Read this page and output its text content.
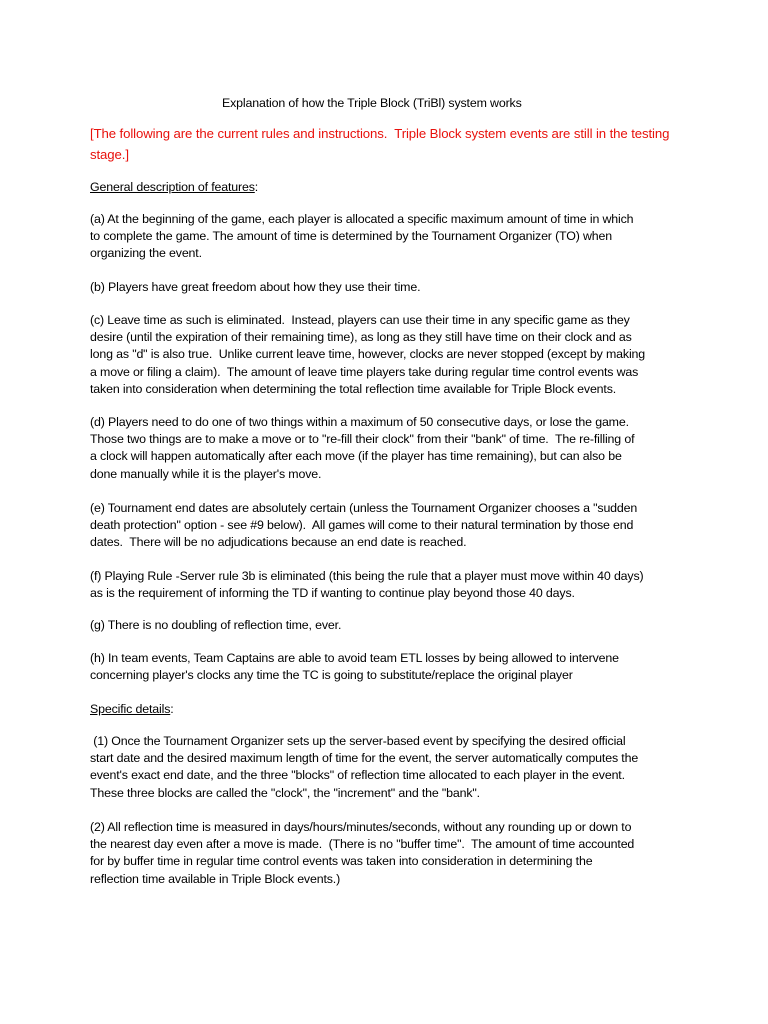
Explanation of how the Triple Block (TriBl) system works

[The following are the current rules and instructions.  Triple Block system events are still in the testing
stage.]

General description of features:

(a) At the beginning of the game, each player is allocated a specific maximum amount of time in which
to complete the game. The amount of time is determined by the Tournament Organizer (TO) when
organizing the event.

(b) Players have great freedom about how they use their time.

(c) Leave time as such is eliminated.  Instead, players can use their time in any specific game as they
desire (until the expiration of their remaining time), as long as they still have time on their clock and as
long as "d" is also true.  Unlike current leave time, however, clocks are never stopped (except by making
a move or filing a claim).  The amount of leave time players take during regular time control events was
taken into consideration when determining the total reflection time available for Triple Block events.

(d) Players need to do one of two things within a maximum of 50 consecutive days, or lose the game.
Those two things are to make a move or to "re-fill their clock" from their "bank" of time.  The re-filling of
a clock will happen automatically after each move (if the player has time remaining), but can also be
done manually while it is the player's move.

(e) Tournament end dates are absolutely certain (unless the Tournament Organizer chooses a "sudden
death protection" option - see #9 below).  All games will come to their natural termination by those end
dates.  There will be no adjudications because an end date is reached.

(f) Playing Rule -Server rule 3b is eliminated (this being the rule that a player must move within 40 days)
as is the requirement of informing the TD if wanting to continue play beyond those 40 days.

(g) There is no doubling of reflection time, ever.

(h) In team events, Team Captains are able to avoid team ETL losses by being allowed to intervene
concerning player's clocks any time the TC is going to substitute/replace the original player

Specific details:

(1) Once the Tournament Organizer sets up the server-based event by specifying the desired official
start date and the desired maximum length of time for the event, the server automatically computes the
event's exact end date, and the three "blocks" of reflection time allocated to each player in the event.
These three blocks are called the "clock", the "increment" and the "bank".

(2) All reflection time is measured in days/hours/minutes/seconds, without any rounding up or down to
the nearest day even after a move is made.  (There is no "buffer time".  The amount of time accounted
for by buffer time in regular time control events was taken into consideration in determining the
reflection time available in Triple Block events.)
